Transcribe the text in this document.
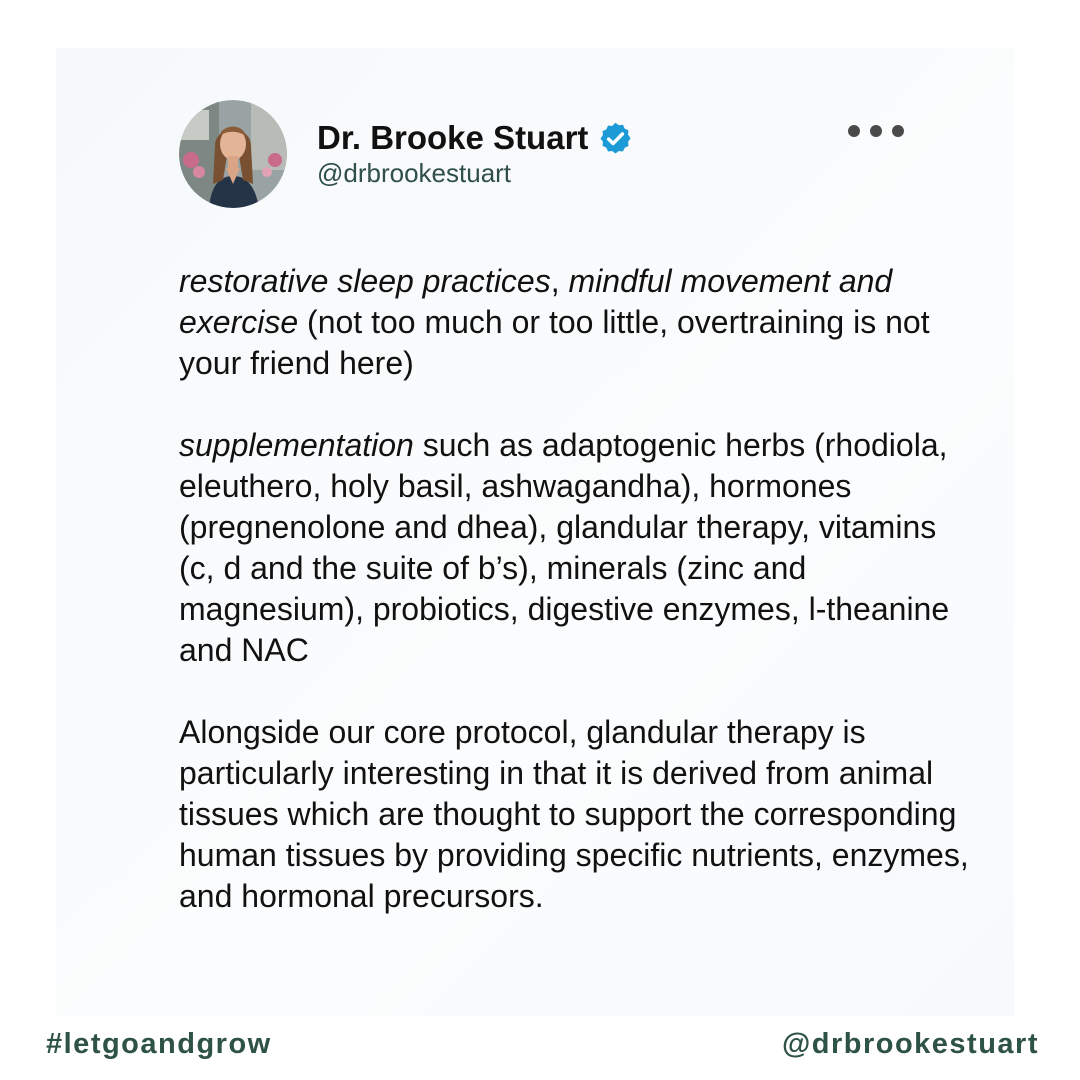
Dr. Brooke Stuart
@drbrookestuart

restorative sleep practices, mindful movement and exercise (not too much or too little, overtraining is not your friend here)

supplementation such as adaptogenic herbs (rhodiola, eleuthero, holy basil, ashwagandha), hormones (pregnenolone and dhea), glandular therapy, vitamins (c, d and the suite of b’s), minerals (zinc and magnesium), probiotics, digestive enzymes, l-theanine and NAC

Alongside our core protocol, glandular therapy is particularly interesting in that it is derived from animal tissues which are thought to support the corresponding human tissues by providing specific nutrients, enzymes, and hormonal precursors.

#letgoandgrow	@drbrookestuart
